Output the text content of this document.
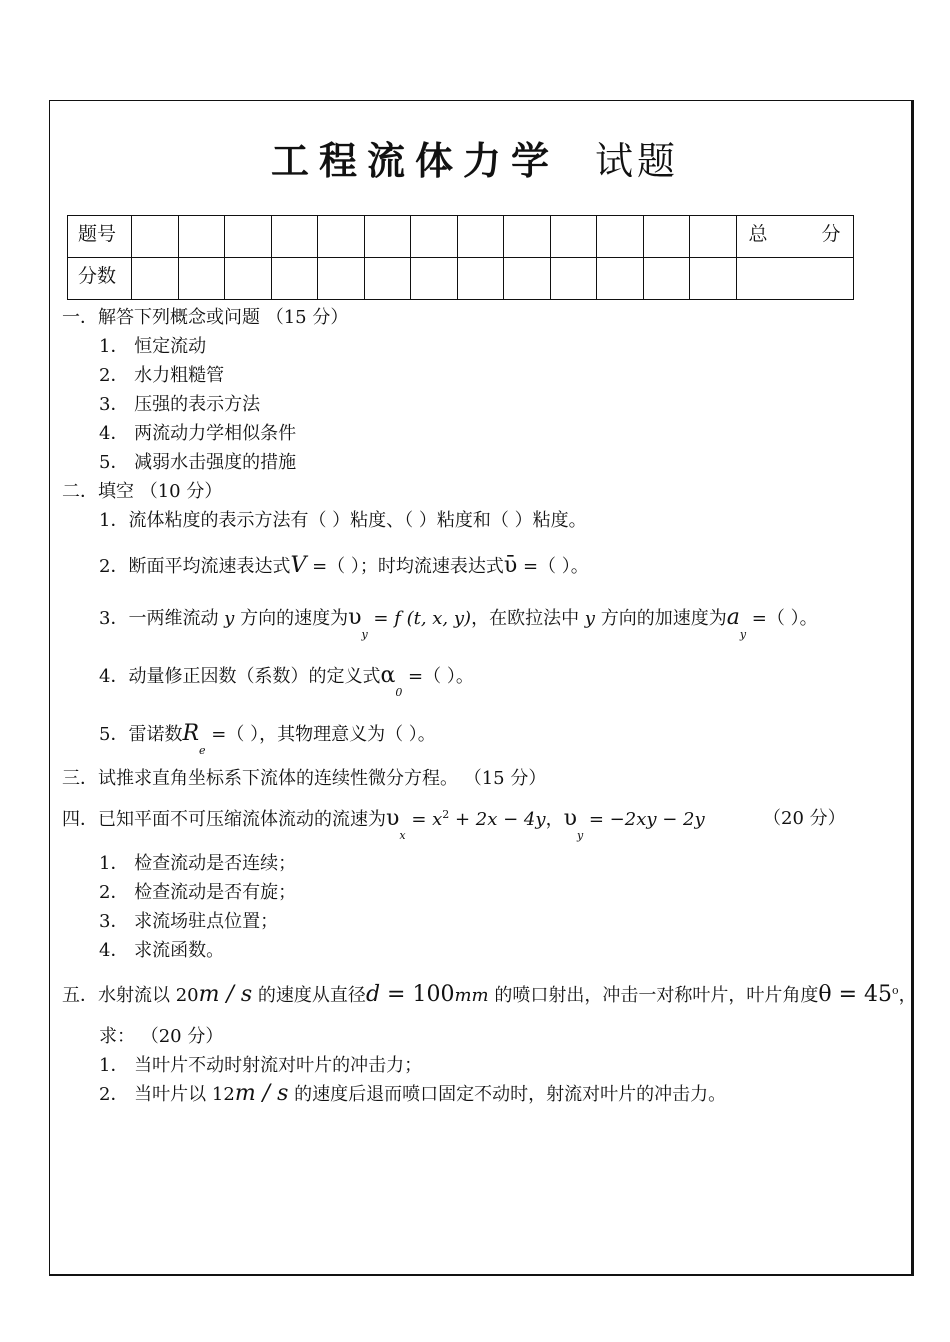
工程流体力学 试题
题号														总 分

分数														
一．解答下列概念或问题 （15 分）
1． 恒定流动
2． 水力粗糙管
3． 压强的表示方法
4． 两流动力学相似条件
5． 减弱水击强度的措施
二．填空 （10 分）
1．流体粘度的表示方法有（ ）粘度、（ ）粘度和（ ）粘度。
2．断面平均流速表达式V =（ ）；时均流速表达式ῡ =（ ）。
3．一两维流动 y 方向的速度为$\upsilon_y = f$ (t, x, y)，在欧拉法中 y 方向的加速度为$a_y$ =（ ）。
4．动量修正因数（系数）的定义式$\alpha_0$ =（ ）。
5．雷诺数$R_e$ =（ ），其物理意义为（ ）。
三．试推求直角坐标系下流体的连续性微分方程。 （15 分）
四．已知平面不可压缩流体流动的流速为$\upsilon_x = x^2 + 2x - 4y$，$\upsilon_y = -2xy - 2y$	（20 分）
1． 检查流动是否连续；
2． 检查流动是否有旋；
3． 求流场驻点位置；
4． 求流函数。
五．水射流以 20m / s 的速度从直径d = 100mm 的喷口射出，冲击一对称叶片，叶片角度$\theta = 45^o$，
求： （20 分）
1． 当叶片不动时射流对叶片的冲击力；
2． 当叶片以 12m / s 的速度后退而喷口固定不动时，射流对叶片的冲击力。
